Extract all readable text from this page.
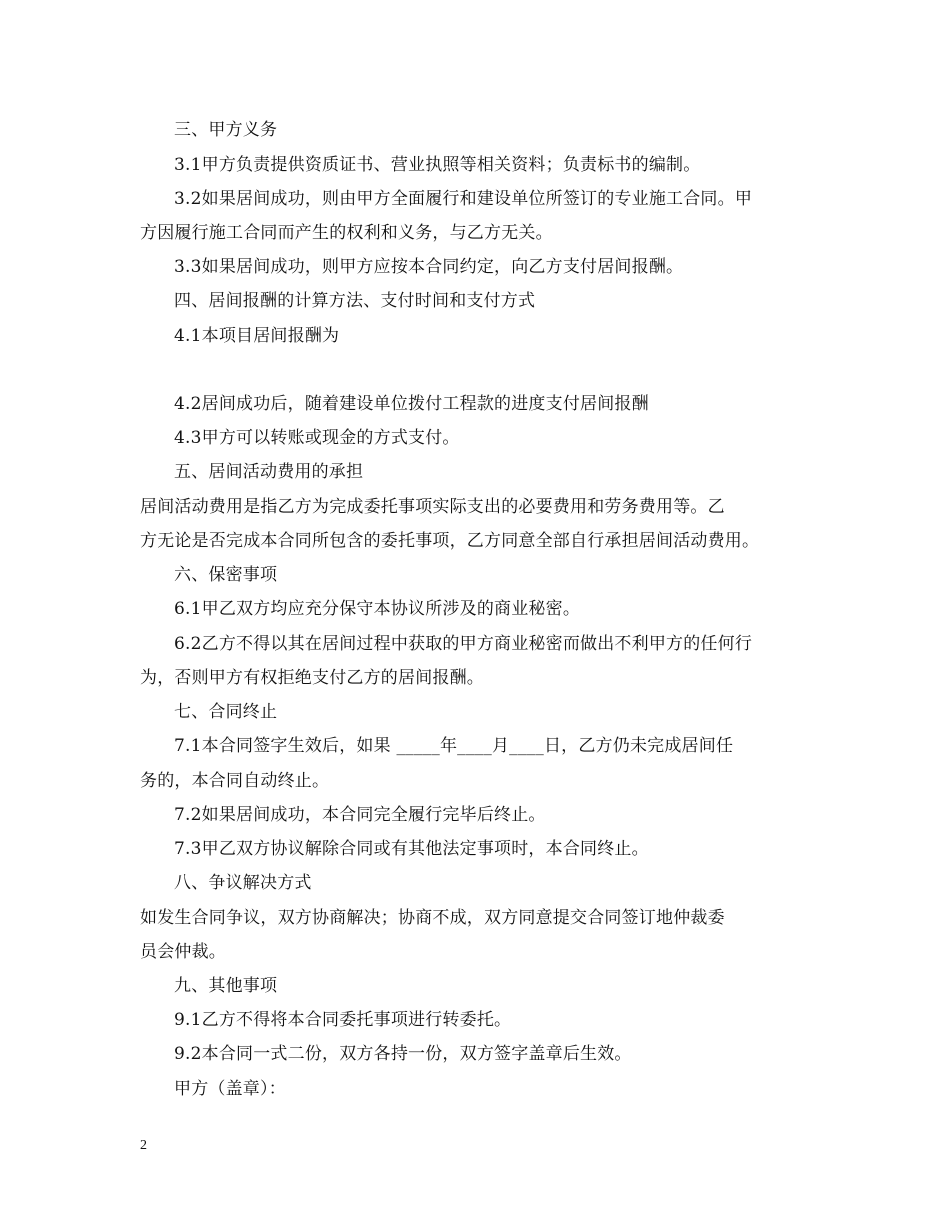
三、甲方义务
3.1甲方负责提供资质证书、营业执照等相关资料；负责标书的编制。
3.2如果居间成功，则由甲方全面履行和建设单位所签订的专业施工合同。甲
方因履行施工合同而产生的权利和义务，与乙方无关。
3.3如果居间成功，则甲方应按本合同约定，向乙方支付居间报酬。
四、居间报酬的计算方法、支付时间和支付方式
4.1本项目居间报酬为
4.2居间成功后，随着建设单位拨付工程款的进度支付居间报酬
4.3甲方可以转账或现金的方式支付。
五、居间活动费用的承担
居间活动费用是指乙方为完成委托事项实际支出的必要费用和劳务费用等。乙
方无论是否完成本合同所包含的委托事项，乙方同意全部自行承担居间活动费用。
六、保密事项
6.1甲乙双方均应充分保守本协议所涉及的商业秘密。
6.2乙方不得以其在居间过程中获取的甲方商业秘密而做出不利甲方的任何行
为，否则甲方有权拒绝支付乙方的居间报酬。
七、合同终止
7.1本合同签字生效后，如果 _____年____月____日，乙方仍未完成居间任
务的，本合同自动终止。
7.2如果居间成功，本合同完全履行完毕后终止。
7.3甲乙双方协议解除合同或有其他法定事项时，本合同终止。
八、争议解决方式
如发生合同争议，双方协商解决；协商不成，双方同意提交合同签订地仲裁委
员会仲裁。
九、其他事项
9.1乙方不得将本合同委托事项进行转委托。
9.2本合同一式二份，双方各持一份，双方签字盖章后生效。
甲方（盖章）：
2
